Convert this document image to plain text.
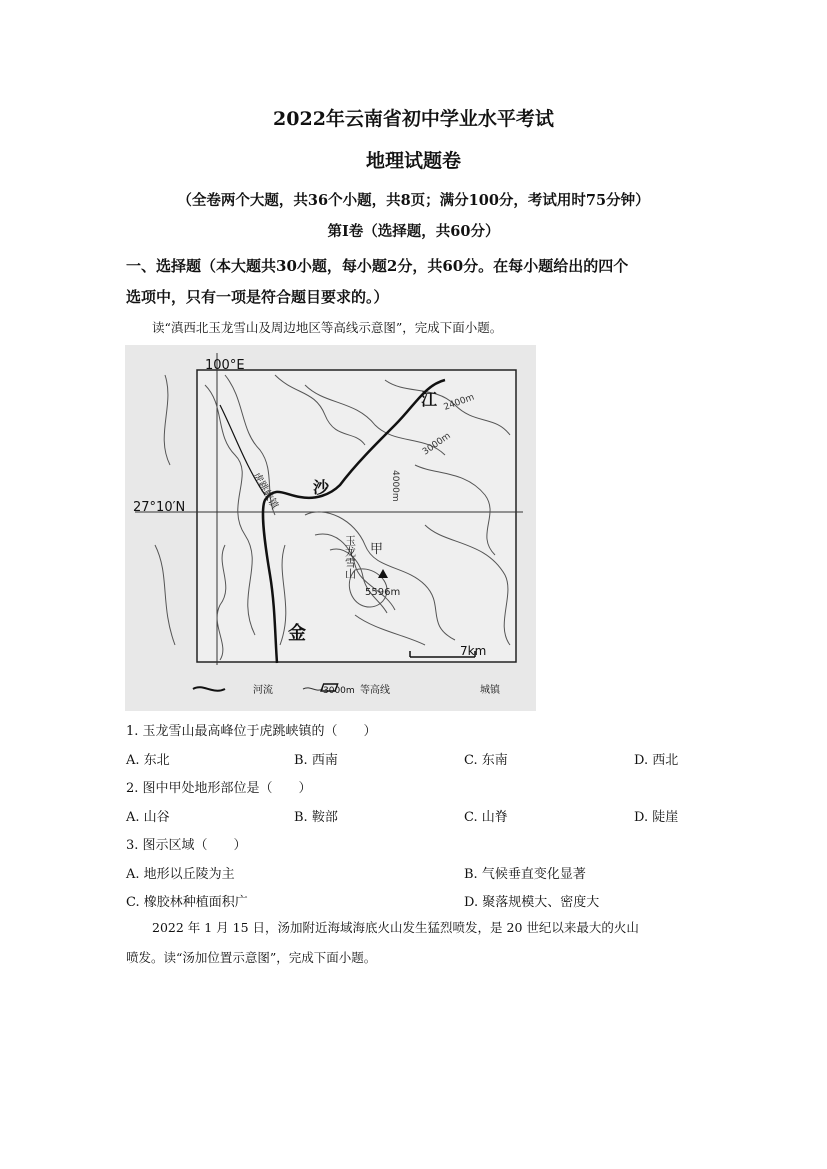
2022年云南省初中学业水平考试
地理试题卷
（全卷两个大题，共36个小题，共8页；满分100分，考试用时75分钟）
第Ⅰ卷（选择题，共60分）
一、选择题（本大题共30小题，每小题2分，共60分。在每小题给出的四个
选项中，只有一项是符合题目要求的。）
读“滇西北玉龙雪山及周边地区等高线示意图”，完成下面小题。
100°E
27°10′N
金
沙
江
虎跳峡镇
甲
玉龙雪山
5596m
4000m
3000m
2400m
7km
河流	3000m 等高线	城镇
1. 玉龙雪山最高峰位于虎跳峡镇的（　　）
A. 东北	B. 西南	C. 东南	D. 西北
2. 图中甲处地形部位是（　　）
A. 山谷	B. 鞍部	C. 山脊	D. 陡崖
3. 图示区域（　　）
A. 地形以丘陵为主	B. 气候垂直变化显著
C. 橡胶林种植面积广	D. 聚落规模大、密度大
2022 年 1 月 15 日，汤加附近海域海底火山发生猛烈喷发，是 20 世纪以来最大的火山
喷发。读“汤加位置示意图”，完成下面小题。
